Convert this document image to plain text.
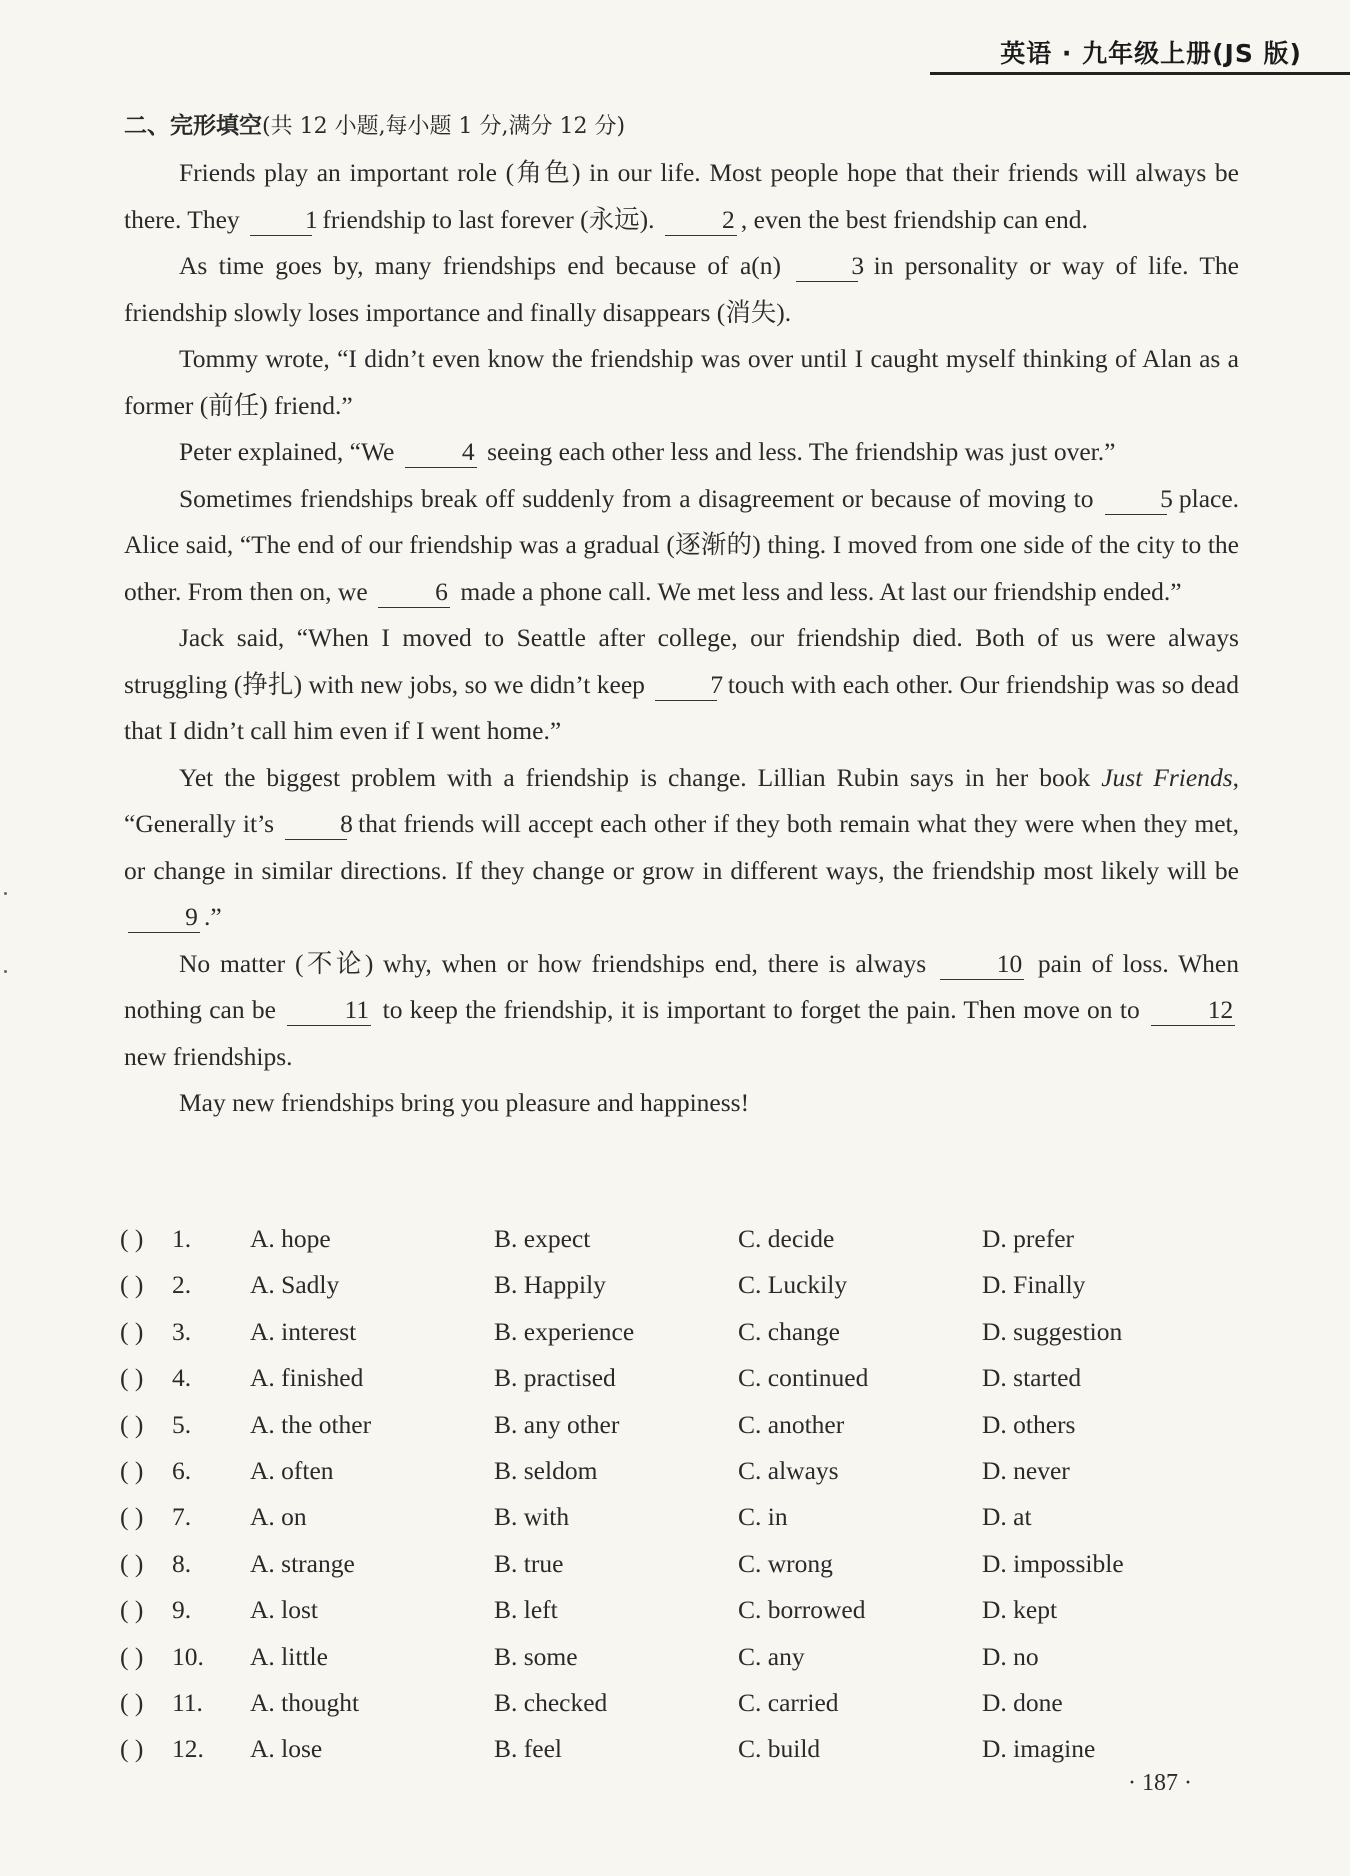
英语 · 九年级上册(JS 版)
二、完形填空(共 12 小题,每小题 1 分,满分 12 分)

Friends play an important role (角色) in our life. Most people hope that their friends will always be there. They	1 friendship to last forever (永远).	2 , even the best friendship can end.

As time goes by, many friendships end because of a(n)	3 in personality or way of life. The friendship slowly loses importance and finally disappears (消失).

Tommy wrote, “I didn’t even know the friendship was over until I caught myself thinking of Alan as a former (前任) friend.”

Peter explained, “We	4 seeing each other less and less. The friendship was just over.”

Sometimes friendships break off suddenly from a disagreement or because of moving to	5 place. Alice said, “The end of our friendship was a gradual (逐渐的) thing. I moved from one side of the city to the other. From then on, we	6 made a phone call. We met less and less. At last our friendship ended.”

Jack said, “When I moved to Seattle after college, our friendship died. Both of us were always struggling (挣扎) with new jobs, so we didn’t keep	7 touch with each other. Our friendship was so dead that I didn’t call him even if I went home.”

Yet the biggest problem with a friendship is change. Lillian Rubin says in her book Just Friends, “Generally it’s	8 that friends will accept each other if they both remain what they were when they met, or change in similar directions. If they change or grow in different ways, the friendship most likely will be 9 .”

No matter (不论) why, when or how friendships end, there is always	10 pain of loss. When nothing can be	11 to keep the friendship, it is important to forget the pain. Then move on to	12 new friendships.

May new friendships bring you pleasure and happiness!

( ) 1. A. hope	B. expect	C. decide	D. prefer
( ) 2. A. Sadly	B. Happily	C. Luckily	D. Finally
( ) 3. A. interest	B. experience	C. change	D. suggestion
( ) 4. A. finished	B. practised	C. continued	D. started
( ) 5. A. the other	B. any other	C. another	D. others
( ) 6. A. often	B. seldom	C. always	D. never
( ) 7. A. on	B. with	C. in	D. at
( ) 8. A. strange	B. true	C. wrong	D. impossible
( ) 9. A. lost	B. left	C. borrowed	D. kept
( ) 10. A. little	B. some	C. any	D. no
( ) 11. A. thought	B. checked	C. carried	D. done
( ) 12. A. lose	B. feel	C. build	D. imagine
· 187 ·
